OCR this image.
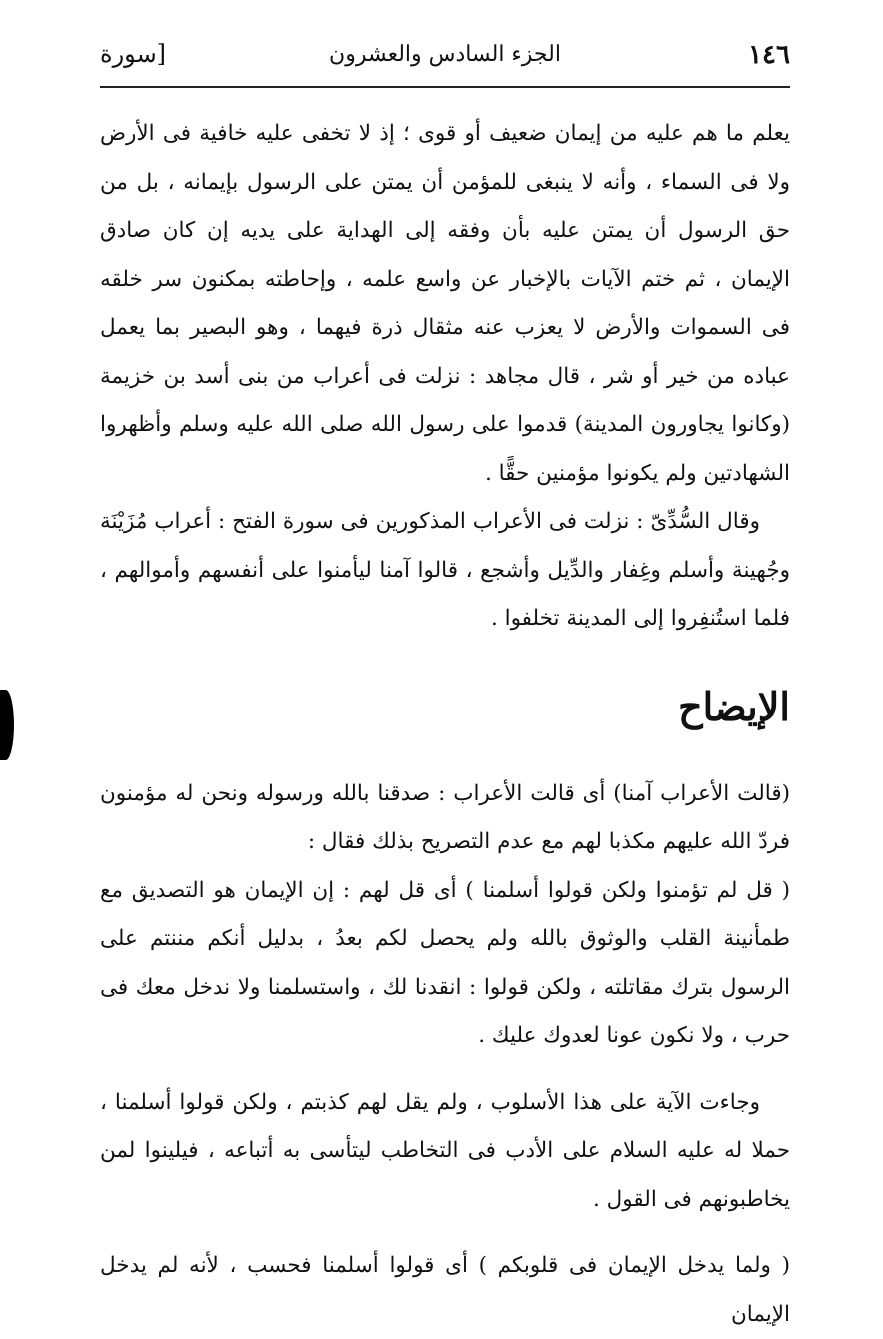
١٤٦
الجزء السادس والعشرون
[سورة

يعلم ما هم عليه من إيمان ضعيف أو قوى ؛ إذ لا تخفى عليه خافية فى الأرض ولا فى السماء ، وأنه لا ينبغى للمؤمن أن يمتن على الرسول بإيمانه ، بل من حق الرسول أن يمتن عليه بأن وفقه إلى الهداية على يديه إن كان صادق الإيمان ، ثم ختم الآيات بالإخبار عن واسع علمه ، وإحاطته بمكنون سر خلقه فى السموات والأرض لا يعزب عنه مثقال ذرة فيهما ، وهو البصير بما يعمل عباده من خير أو شر ، قال مجاهد : نزلت فى أعراب من بنى أسد بن خزيمة (وكانوا يجاورون المدينة) قدموا على رسول الله صلى الله عليه وسلم وأظهروا الشهادتين ولم يكونوا مؤمنين حقًّا .

وقال السُّدِّىّ : نزلت فى الأعراب المذكورين فى سورة الفتح : أعراب مُزَيْنَة وجُهينة وأسلم وغِفار والدِّيل وأشجع ، قالوا آمنا ليأمنوا على أنفسهم وأموالهم ، فلما استُنفِروا إلى المدينة تخلفوا .

الإيضاح

(قالت الأعراب آمنا) أى قالت الأعراب : صدقنا بالله ورسوله ونحن له مؤمنون فردّ الله عليهم مكذبا لهم مع عدم التصريح بذلك فقال :

( قل لم تؤمنوا ولكن قولوا أسلمنا ) أى قل لهم : إن الإيمان هو التصديق مع طمأنينة القلب والوثوق بالله ولم يحصل لكم بعدُ ، بدليل أنكم مننتم على الرسول بترك مقاتلته ، ولكن قولوا : انقدنا لك ، واستسلمنا ولا ندخل معك فى حرب ، ولا نكون عونا لعدوك عليك .

وجاءت الآية على هذا الأسلوب ، ولم يقل لهم كذبتم ، ولكن قولوا أسلمنا ، حملا له عليه السلام على الأدب فى التخاطب ليتأسى به أتباعه ، فيلينوا لمن يخاطبونهم فى القول .

( ولما يدخل الإيمان فى قلوبكم ) أى قولوا أسلمنا فحسب ، لأنه لم يدخل الإيمان
